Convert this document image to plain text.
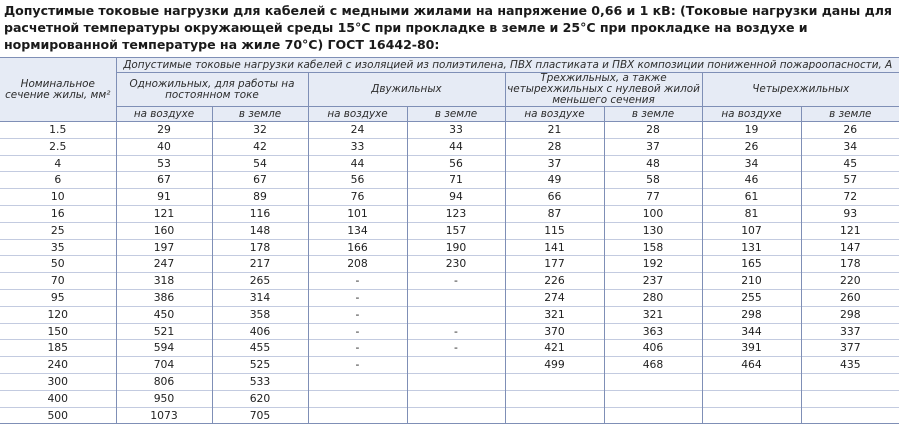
Допустимые токовые нагрузки для кабелей с медными жилами на напряжение 0,66 и 1 кВ: (Токовые нагрузки даны для расчетной температуры окружающей среды 15°С при прокладке в земле и 25°С при прокладке на воздухе и нормированной температуре на жиле 70°С) ГОСТ 16442-80:
Номинальное сечение жилы, мм²	Допустимые токовые нагрузки кабелей с изоляцией из полиэтилена, ПВХ пластиката и ПВХ композиции пониженной пожароопасности, А							
	Одножильных, для работы на постоянном токе		Двужильных		Трехжильных, а также четырехжильных с нулевой жилой меньшего сечения		Четырехжильных	
	на воздухе	в земле	на воздухе	в земле	на воздухе	в земле	на воздухе	в земле
1.5	29	32	24	33	21	28	19	26
2.5	40	42	33	44	28	37	26	34
4	53	54	44	56	37	48	34	45
6	67	67	56	71	49	58	46	57
10	91	89	76	94	66	77	61	72
16	121	116	101	123	87	100	81	93
25	160	148	134	157	115	130	107	121
35	197	178	166	190	141	158	131	147
50	247	217	208	230	177	192	165	178
70	318	265	-	-	226	237	210	220
95	386	314	-		274	280	255	260
120	450	358	-		321	321	298	298
150	521	406	-	-	370	363	344	337
185	594	455	-	-	421	406	391	377
240	704	525	-		499	468	464	435
300	806	533						
400	950	620						
500	1073	705						
